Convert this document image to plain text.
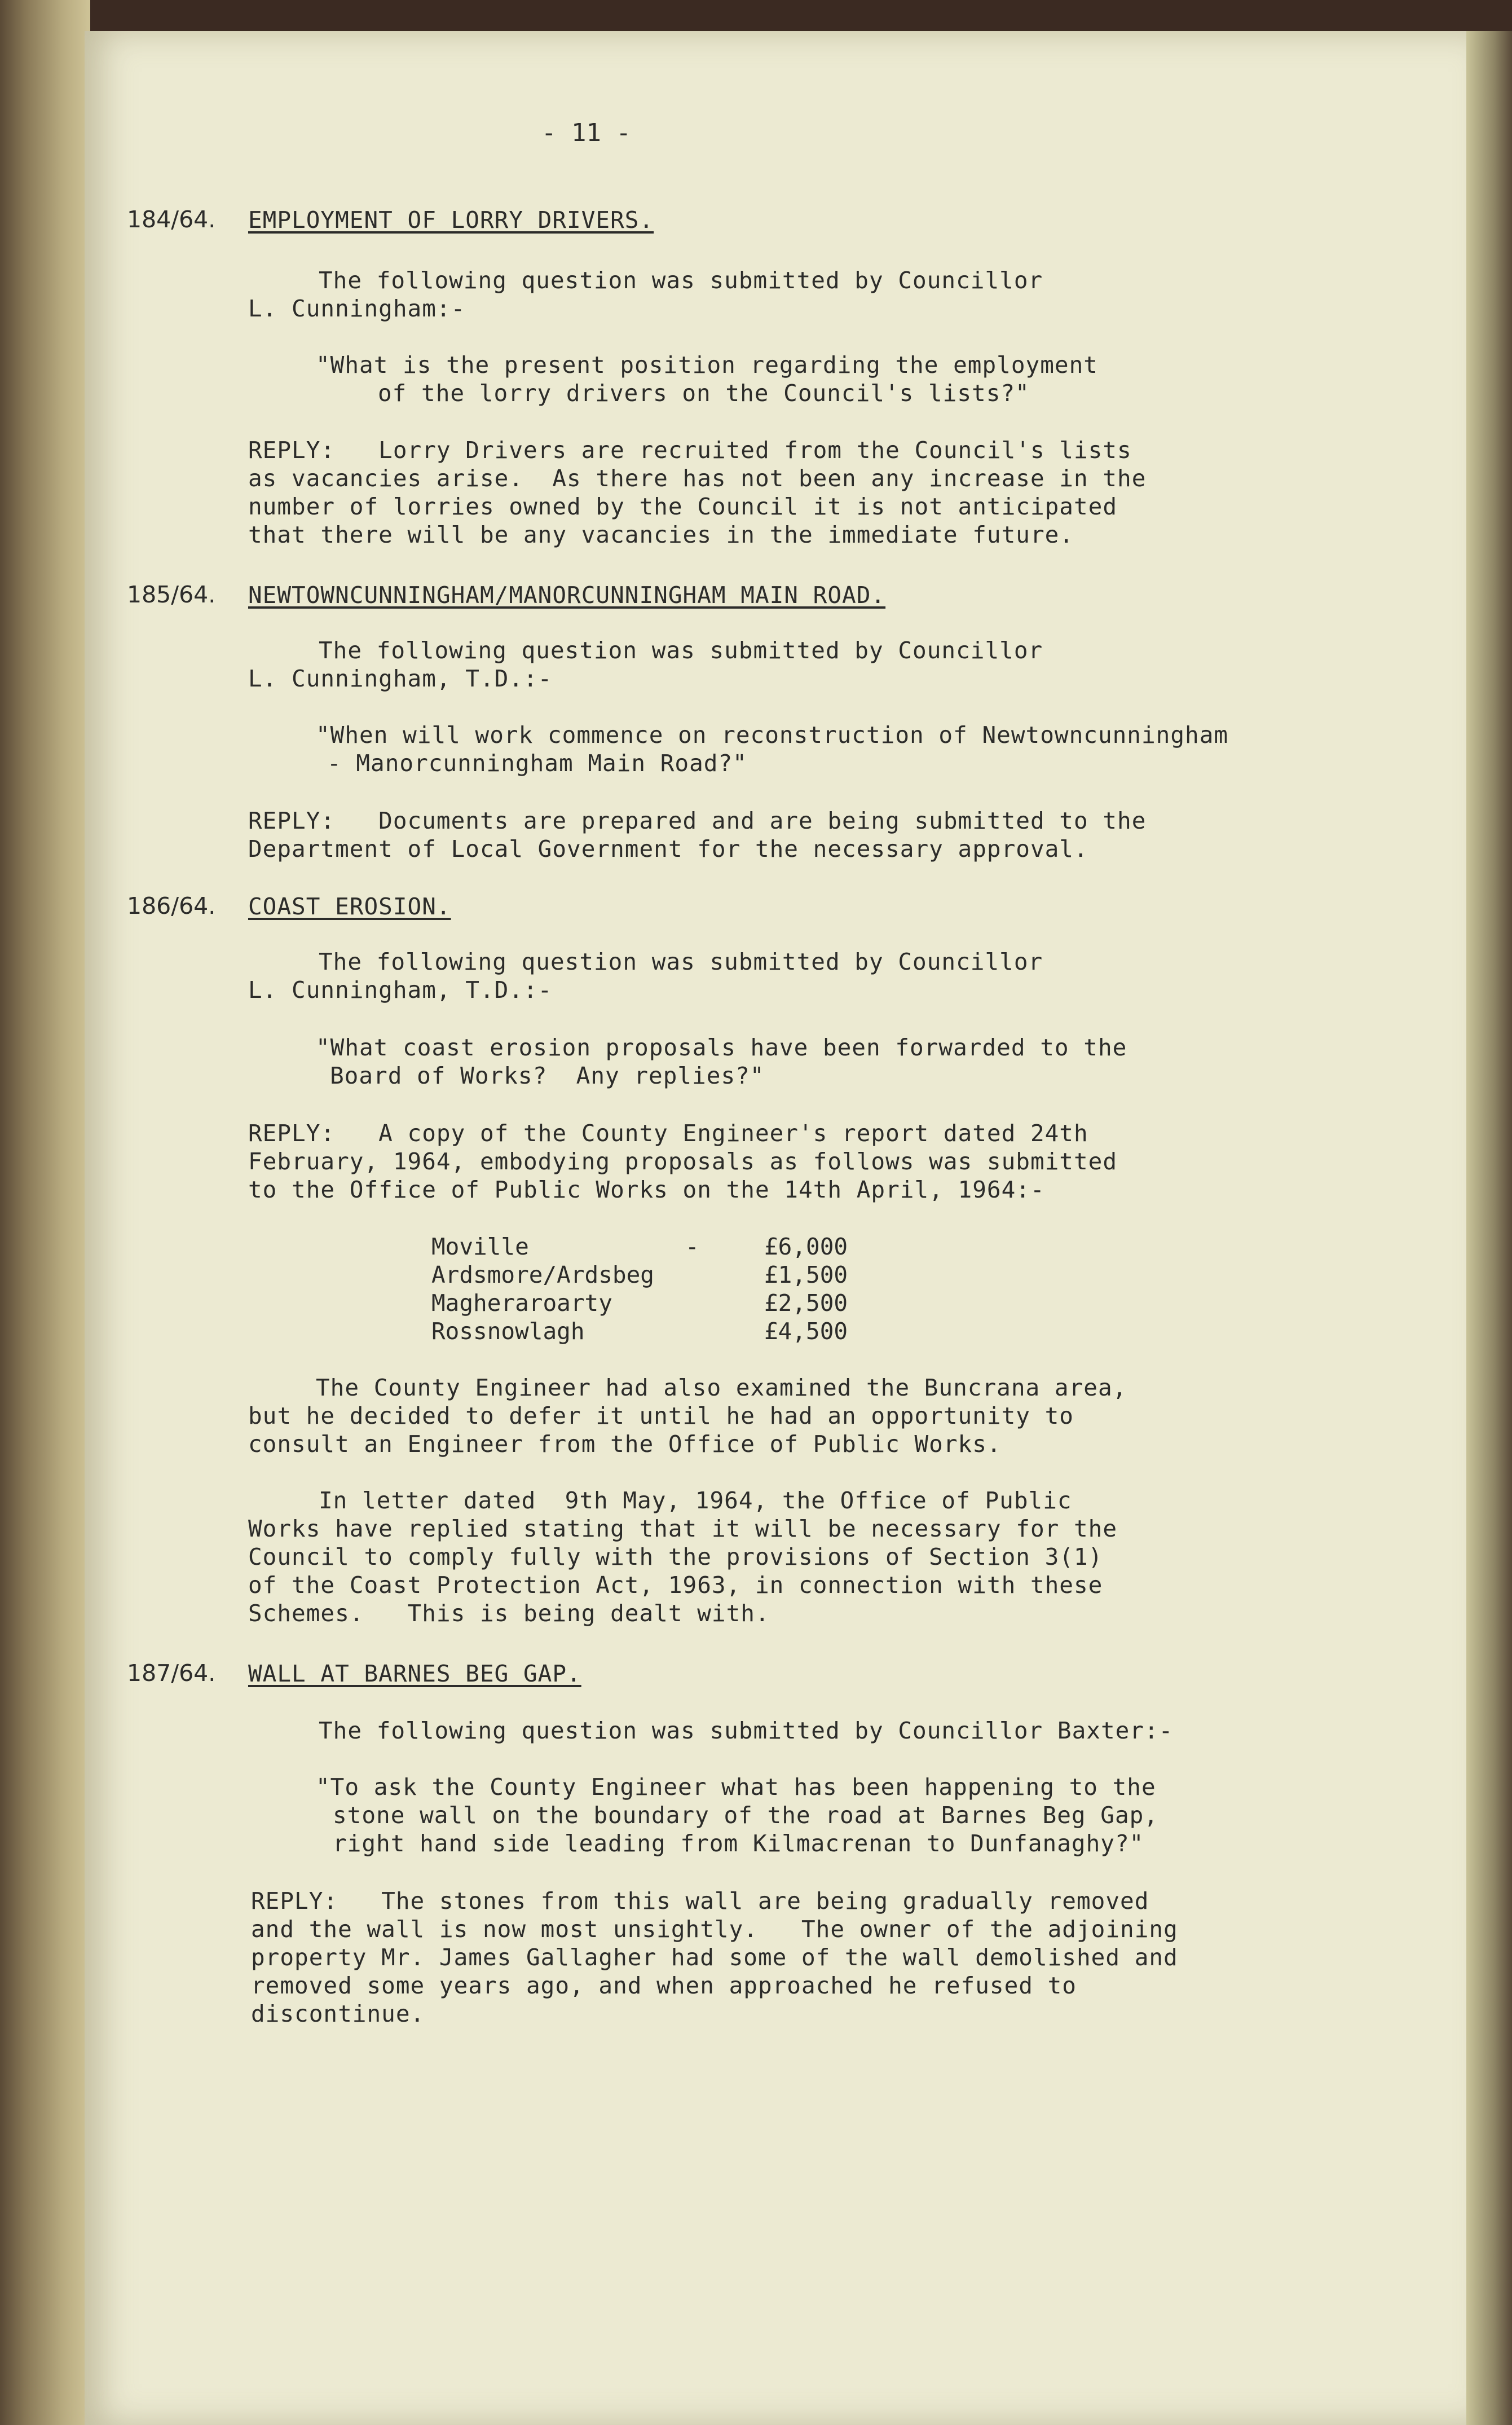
- 11 -
184/64. EMPLOYMENT OF LORRY DRIVERS.
The following question was submitted by Councillor
L. Cunningham:-
"What is the present position regarding the employment
of the lorry drivers on the Council's lists?"
REPLY:   Lorry Drivers are recruited from the Council's lists
as vacancies arise.  As there has not been any increase in the
number of lorries owned by the Council it is not anticipated
that there will be any vacancies in the immediate future.
185/64. NEWTOWNCUNNINGHAM/MANORCUNNINGHAM MAIN ROAD.
The following question was submitted by Councillor
L. Cunningham, T.D.:-
"When will work commence on reconstruction of Newtowncunningham
- Manorcunningham Main Road?"
REPLY:   Documents are prepared and are being submitted to the
Department of Local Government for the necessary approval.
186/64. COAST EROSION.
The following question was submitted by Councillor
L. Cunningham, T.D.:-
"What coast erosion proposals have been forwarded to the
Board of Works?  Any replies?"
REPLY:   A copy of the County Engineer's report dated 24th
February, 1964, embodying proposals as follows was submitted
to the Office of Public Works on the 14th April, 1964:-
Moville	-	£6,000
Ardsmore/Ardsbeg	£1,500
Magheraroarty	£2,500
Rossnowlagh	£4,500
The County Engineer had also examined the Buncrana area,
but he decided to defer it until he had an opportunity to
consult an Engineer from the Office of Public Works.
In letter dated  9th May, 1964, the Office of Public
Works have replied stating that it will be necessary for the
Council to comply fully with the provisions of Section 3(1)
of the Coast Protection Act, 1963, in connection with these
Schemes.   This is being dealt with.
187/64. WALL AT BARNES BEG GAP.
The following question was submitted by Councillor Baxter:-
"To ask the County Engineer what has been happening to the
stone wall on the boundary of the road at Barnes Beg Gap,
right hand side leading from Kilmacrenan to Dunfanaghy?"
REPLY:   The stones from this wall are being gradually removed
and the wall is now most unsightly.   The owner of the adjoining
property Mr. James Gallagher had some of the wall demolished and
removed some years ago, and when approached he refused to
discontinue.
